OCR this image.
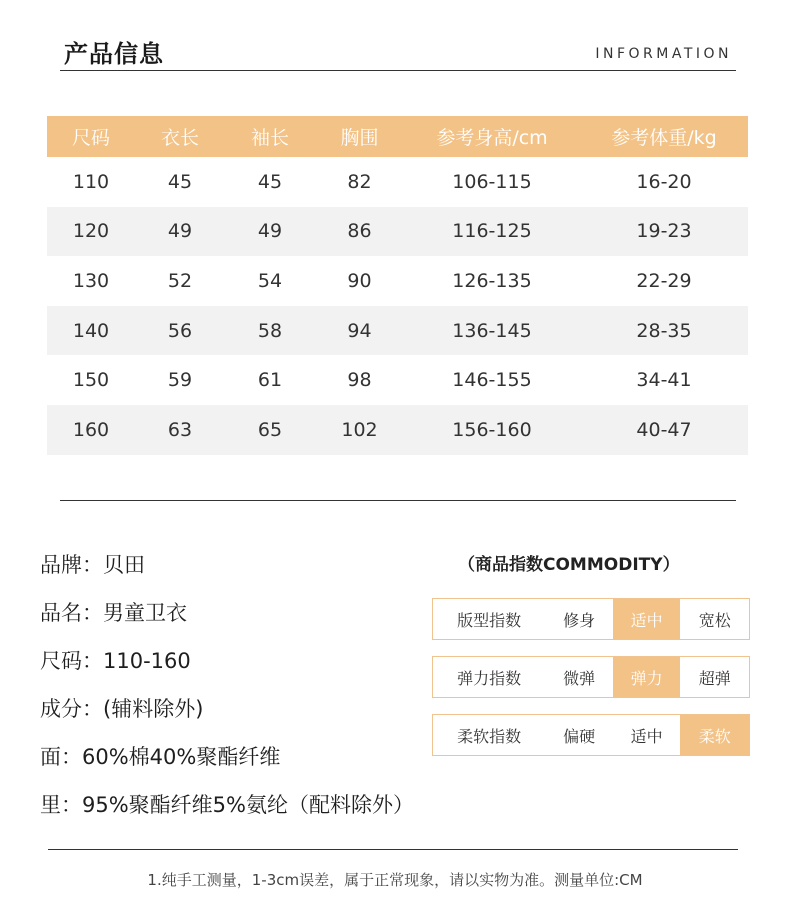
产品信息	INFORMATION
尺码	衣长	袖长	胸围	参考身高/cm	参考体重/kg
110	45	45	82	106-115	16-20
120	49	49	86	116-125	19-23
130	52	54	90	126-135	22-29
140	56	58	94	136-145	28-35
150	59	61	98	146-155	34-41
160	63	65	102	156-160	40-47
品牌：贝田
品名：男童卫衣
尺码：110-160
成分：(辅料除外)
面：60%棉40%聚酯纤维
里：95%聚酯纤维5%氨纶（配料除外）
（商品指数COMMODITY）
版型指数	修身	适中	宽松
弹力指数	微弹	弹力	超弹
柔软指数	偏硬	适中	柔软
1.纯手工测量，1-3cm误差，属于正常现象，请以实物为准。测量单位:CM
